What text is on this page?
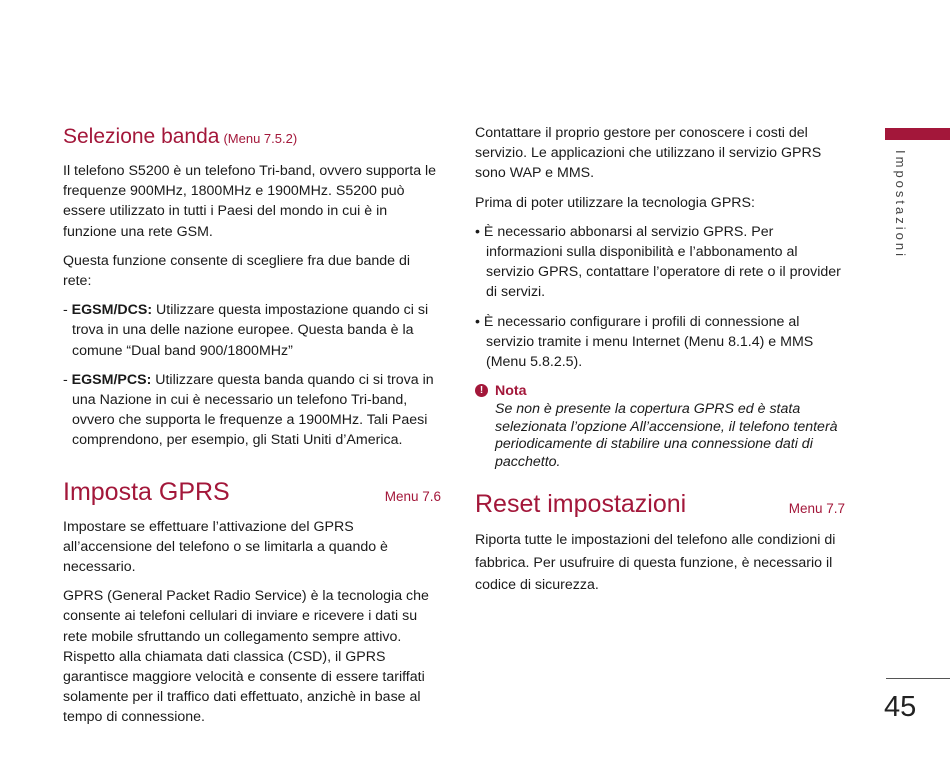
Impostazioni
Selezione banda (Menu 7.5.2)

Il telefono S5200 è un telefono Tri-band, ovvero supporta le frequenze 900MHz, 1800MHz e 1900MHz. S5200 può essere utilizzato in tutti i Paesi del mondo in cui è in funzione una rete GSM.

Questa funzione consente di scegliere fra due bande di rete:

- EGSM/DCS: Utilizzare questa impostazione quando ci si trova in una delle nazione europee. Questa banda è la comune “Dual band 900/1800MHz”

- EGSM/PCS: Utilizzare questa banda quando ci si trova in una Nazione in cui è necessario un telefono Tri-band, ovvero che supporta le frequenze a 1900MHz. Tali Paesi comprendono, per esempio, gli Stati Uniti d’America.

Imposta GPRS	Menu 7.6

Impostare se effettuare l’attivazione del GPRS all’accensione del telefono o se limitarla a quando è necessario.

GPRS (General Packet Radio Service) è la tecnologia che consente ai telefoni cellulari di inviare e ricevere i dati su rete mobile sfruttando un collegamento sempre attivo. Rispetto alla chiamata dati classica (CSD), il GPRS garantisce maggiore velocità e consente di essere tariffati solamente per il traffico dati effettuato, anzichè in base al tempo di connessione.

Contattare il proprio gestore per conoscere i costi del servizio. Le applicazioni che utilizzano il servizio GPRS sono WAP e MMS.

Prima di poter utilizzare la tecnologia GPRS:

• È necessario abbonarsi al servizio GPRS. Per informazioni sulla disponibilità e l’abbonamento al servizio GPRS, contattare l’operatore di rete o il provider di servizi.

• È necessario configurare i profili di connessione al servizio tramite i menu Internet (Menu 8.1.4) e MMS (Menu 5.8.2.5).

! Nota
Se non è presente la copertura GPRS ed è stata selezionata l’opzione All’accensione, il telefono tenterà periodicamente di stabilire una connessione dati di pacchetto.
Reset impostazioni	Menu 7.7

Riporta tutte le impostazioni del telefono alle condizioni di fabbrica. Per usufruire di questa funzione, è necessario il codice di sicurezza.

45
